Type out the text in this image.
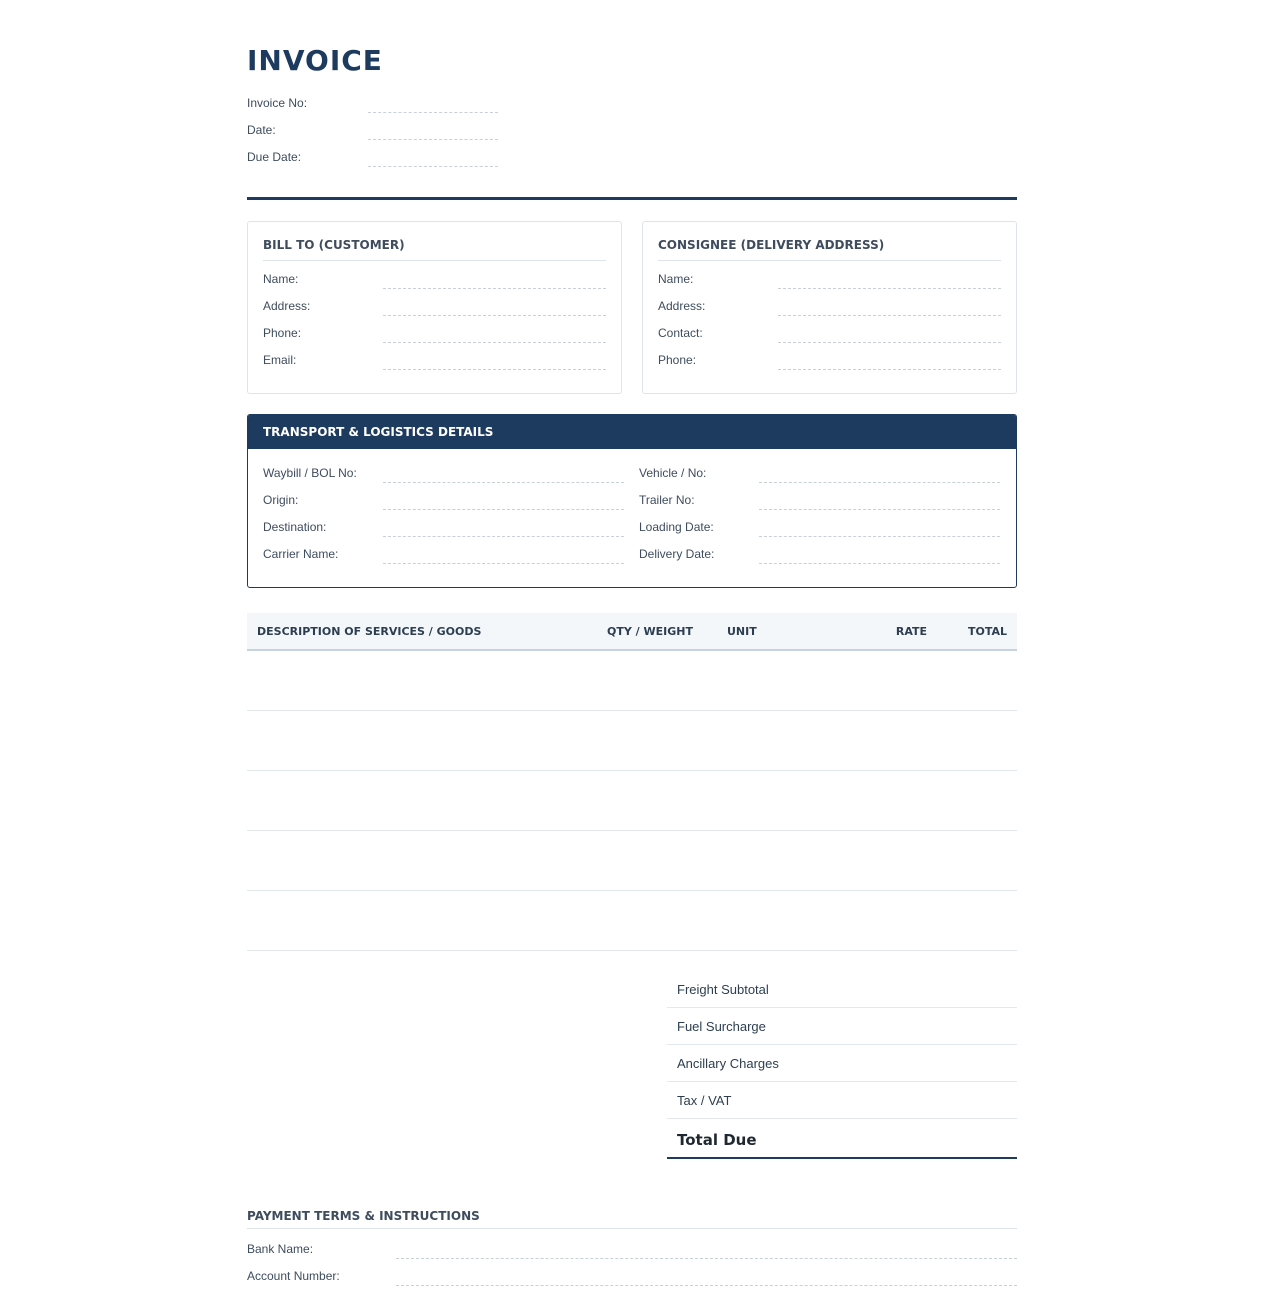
INVOICE
Invoice No:
Date:
Due Date:
BILL TO (CUSTOMER)
Name:
Address:
Phone:
Email:
CONSIGNEE (DELIVERY ADDRESS)
Name:
Address:
Contact:
Phone:
TRANSPORT & LOGISTICS DETAILS
Waybill / BOL No:
Origin:
Destination:
Carrier Name:
Vehicle / No:
Trailer No:
Loading Date:
Delivery Date:
DESCRIPTION OF SERVICES / GOODS	QTY / WEIGHT	UNIT	RATE	TOTAL

Freight Subtotal
Fuel Surcharge
Ancillary Charges
Tax / VAT
Total Due
PAYMENT TERMS & INSTRUCTIONS
Bank Name:
Account Number:
